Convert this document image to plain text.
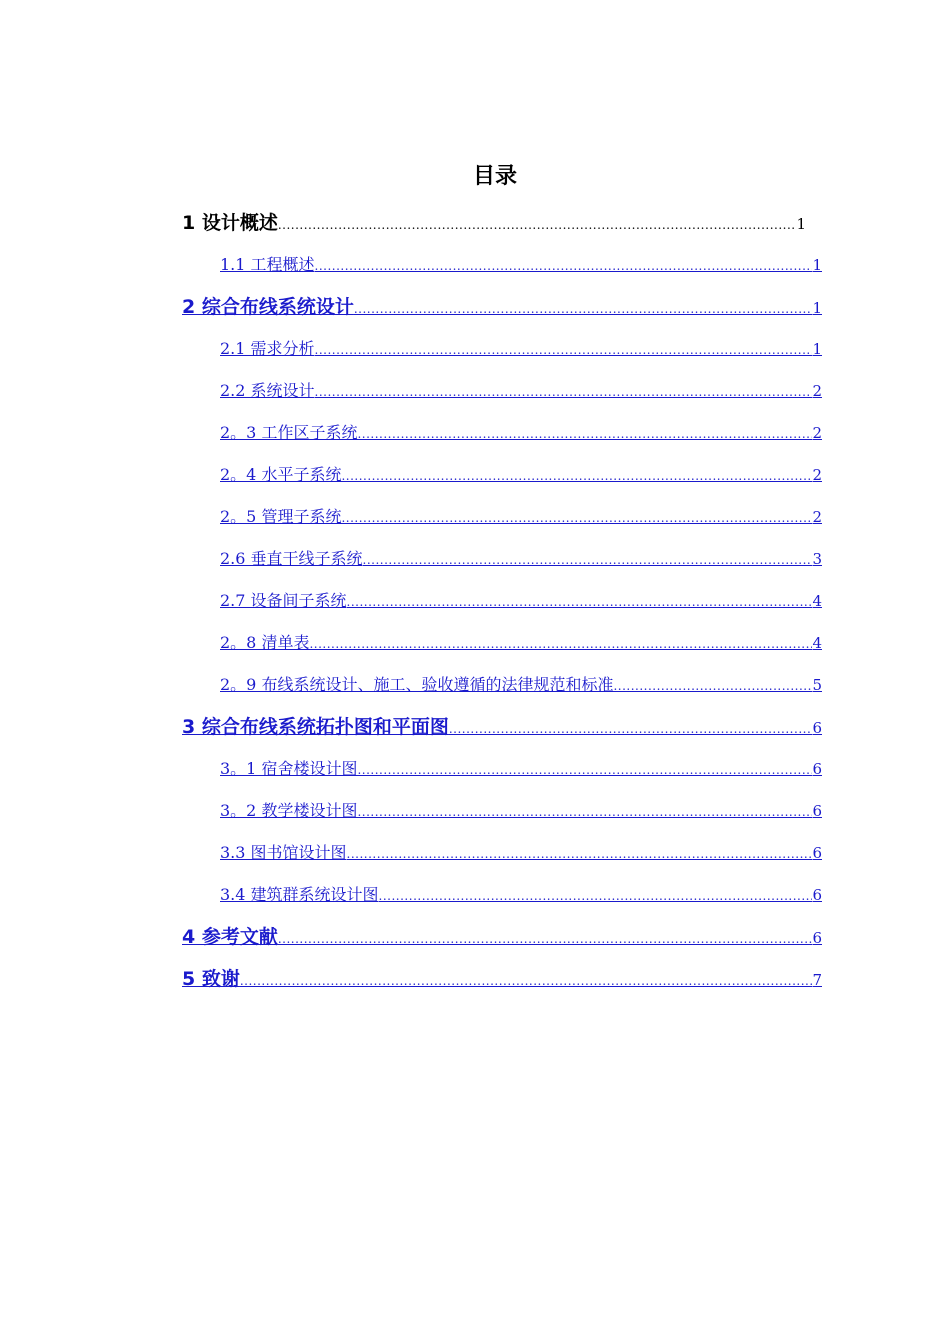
目录
1 设计概述 .....	1
1.1 工程概述 .....	1
2 综合布线系统设计 .....	1
2.1 需求分析 .....	1
2.2 系统设计 .....	2
2。3 工作区子系统 .....	2
2。4 水平子系统 .....	2
2。5 管理子系统 .....	2
2.6 垂直干线子系统 .....	3
2.7 设备间子系统 .....	4
2。8 清单表 .....	4
2。9 布线系统设计、施工、验收遵循的法律规范和标准 .....	5
3 综合布线系统拓扑图和平面图 .....	6
3。1 宿舍楼设计图 .....	6
3。2 教学楼设计图 .....	6
3.3 图书馆设计图 .....	6
3.4 建筑群系统设计图 .....	6
4 参考文献 .....	6
5 致谢 .....	7
